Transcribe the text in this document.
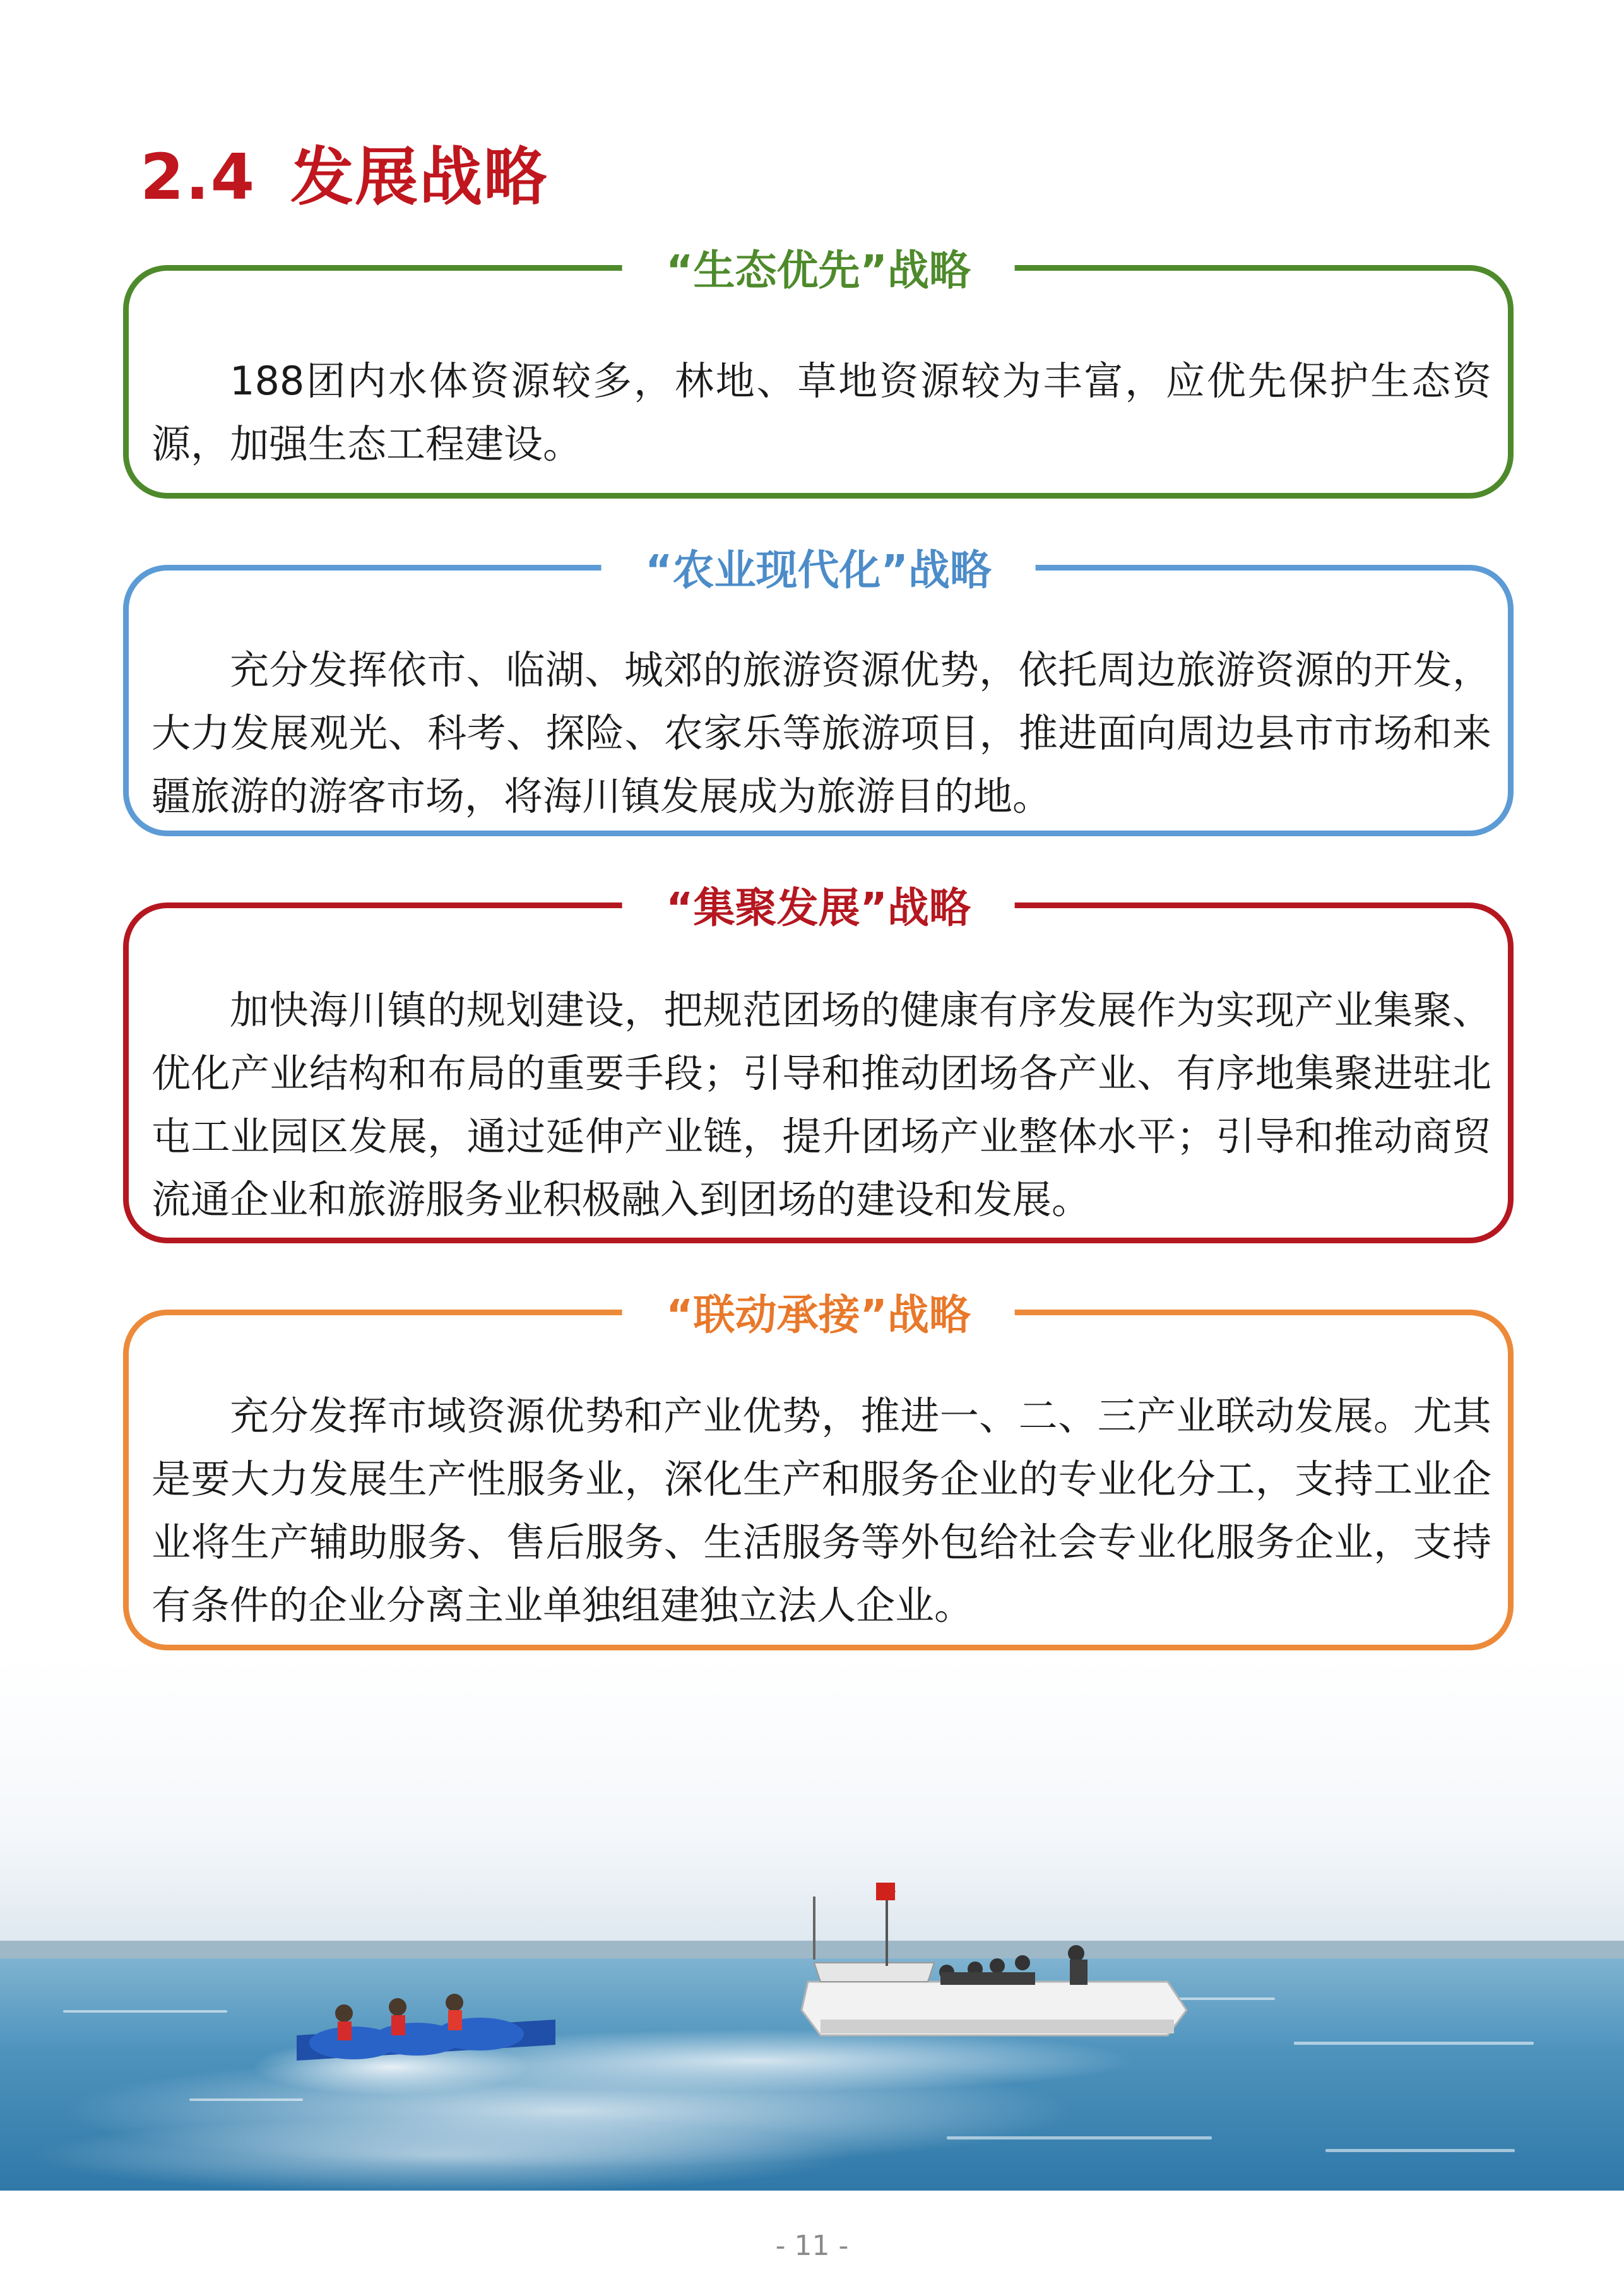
2.4 发展战略
“生态优先”战略
188团内水体资源较多，林地、草地资源较为丰富，应优先保护生态资源，加强生态工程建设。
“农业现代化”战略
充分发挥依市、临湖、城郊的旅游资源优势，依托周边旅游资源的开发，大力发展观光、科考、探险、农家乐等旅游项目，推进面向周边县市市场和来疆旅游的游客市场，将海川镇发展成为旅游目的地。
“集聚发展”战略
加快海川镇的规划建设，把规范团场的健康有序发展作为实现产业集聚、优化产业结构和布局的重要手段；引导和推动团场各产业、有序地集聚进驻北屯工业园区发展，通过延伸产业链，提升团场产业整体水平；引导和推动商贸流通企业和旅游服务业积极融入到团场的建设和发展。
“联动承接”战略
充分发挥市域资源优势和产业优势，推进一、二、三产业联动发展。尤其是要大力发展生产性服务业，深化生产和服务企业的专业化分工，支持工业企业将生产辅助服务、售后服务、生活服务等外包给社会专业化服务企业，支持有条件的企业分离主业单独组建独立法人企业。
- 11 -
